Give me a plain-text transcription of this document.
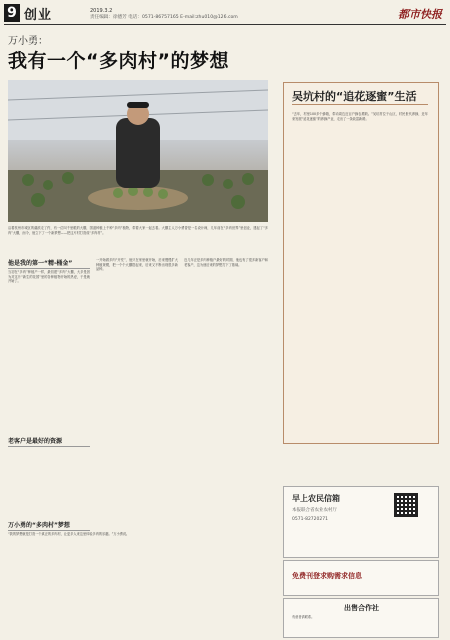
9 创业	2019.3.2
责任编辑：徐德芳 电话：0571-86757165 E-mail:zhu010@126.com	都市快报
万小勇：
我有一个“多肉村”的梦想
沿着杭州市城区的湖滨走了约，有一位叫千里眼的大棚，国道种植上千种“多肉”植物，带着大家一起去看。大棚主人万小勇曾是一名设计师，几年前在“多肉世界”里创业，建起了“多肉”大棚，而今，他立下了一个新梦想——把这片村打造成“多肉村”。
他是我的第一“精-桶金”
当初在“多肉”种植户一样，最初建“多肉”大棚，大多是因为对这片“新生的花园”里的各种植物开始的热爱，于是就开始了。
一开始做多肉“开荒”，他只在家里就开始，后来慢慢扩大种植规模，把一个个大棚搭起来，后来又不断出现很多新品种。
近几年正是多肉种植户最好的时期，他也有了很多新客户和老客户，这为他后来的梦想打下了基础。
老客户是最好的资源
万小勇的“多肉村”梦想
“我的梦想就是打造一个真正的多肉村，让更多人来这里体验多肉的乐趣。”万小勇说。
吴坑村的“追花逐蜜”生活
“去年，村里100多个蜂箱，带动周边近百户蜂农增收。”吴坑村位于山区，村民世代养蜂，近年来发展“追花逐蜜”的养蜂产业，走出了一条致富新路。
早上农民信箱
本报联合省农业农村厅
0571-82720271
免费刊登求购需求信息
出售合作社
有意者请联系。
